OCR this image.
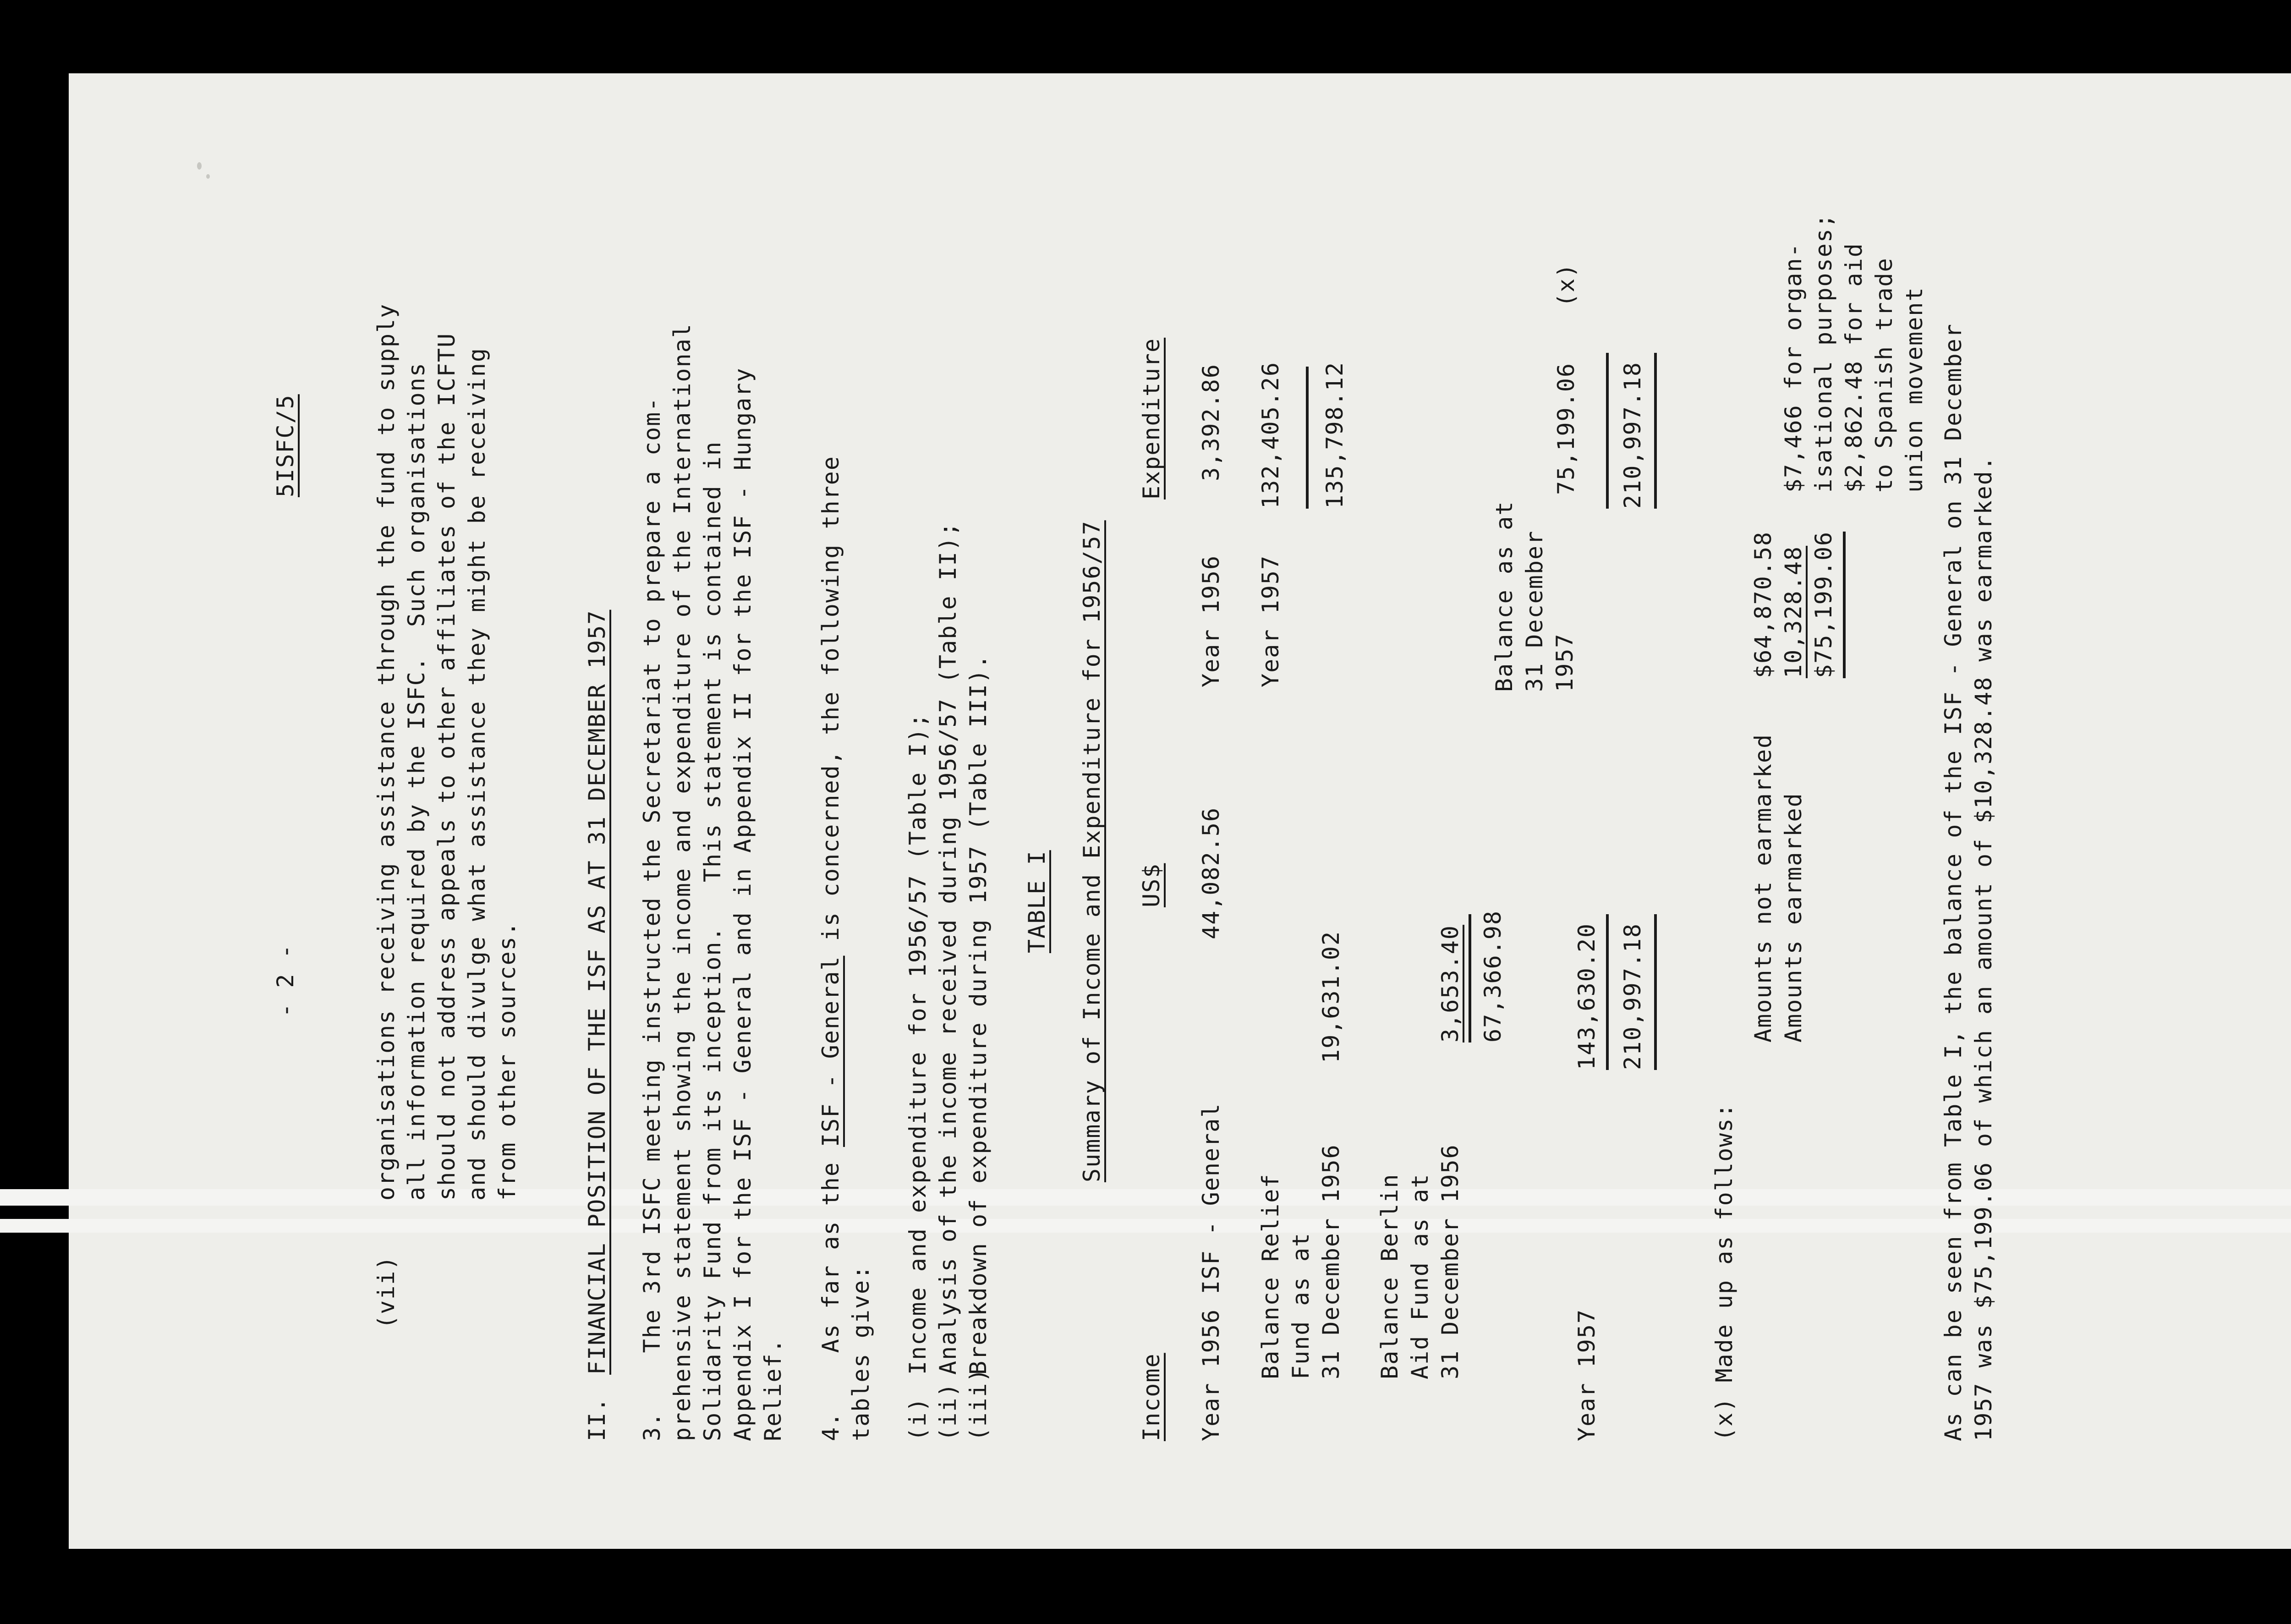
- 2 -
5ISFC/5
(vii)
organisations receiving assistance through the fund to supply all information required by the ISFC.  Such organisations should not address appeals to other affiliates of the ICFTU and should divulge what assistance they might be receiving from other sources.
II.
FINANCIAL POSITION OF THE ISF AS AT 31 DECEMBER 1957 3.    The 3rd ISFC meeting instructed the Secretariat to prepare a com- prehensive statement showing the income and expenditure of the International Solidarity Fund from its inception.   This statement is contained in Appendix I for the ISF - General and in Appendix II for the ISF - Hungary Relief. 4.    As far as the ISF - General is concerned, the following three
tables give: (i)
Income and expenditure for 1956/57 (Table I);
(ii)
Analysis of the income received during 1956/57 (Table II);
(iii)
Breakdown of expenditure during 1957 (Table III). TABLE I Summary of Income and Expenditure for 1956/57
Income
US$
Expenditure
Year 1956 ISF - General
44,082.56
Year 1956
3,392.86
Balance Relief Fund as at 31 December 1956
19,631.02
Year 1957
132,405.26 135,798.12
Balance Berlin Aid Fund as at 31 December 1956
3,653.40 67,366.98
Balance as at 31 December 1957
75,199.06
(x)
Year 1957
143,630.20 210,997.18
210,997.18
(x) Made up as follows:
Amounts not earmarked
$64,870.58
Amounts earmarked
10,328.48 $75,199.06
$7,466 for organ- isational purposes; $2,862.48 for aid to Spanish trade union movement As can be seen from Table I, the balance of the ISF - General on 31 December 1957 was $75,199.06 of which an amount of $10,328.48 was earmarked.
